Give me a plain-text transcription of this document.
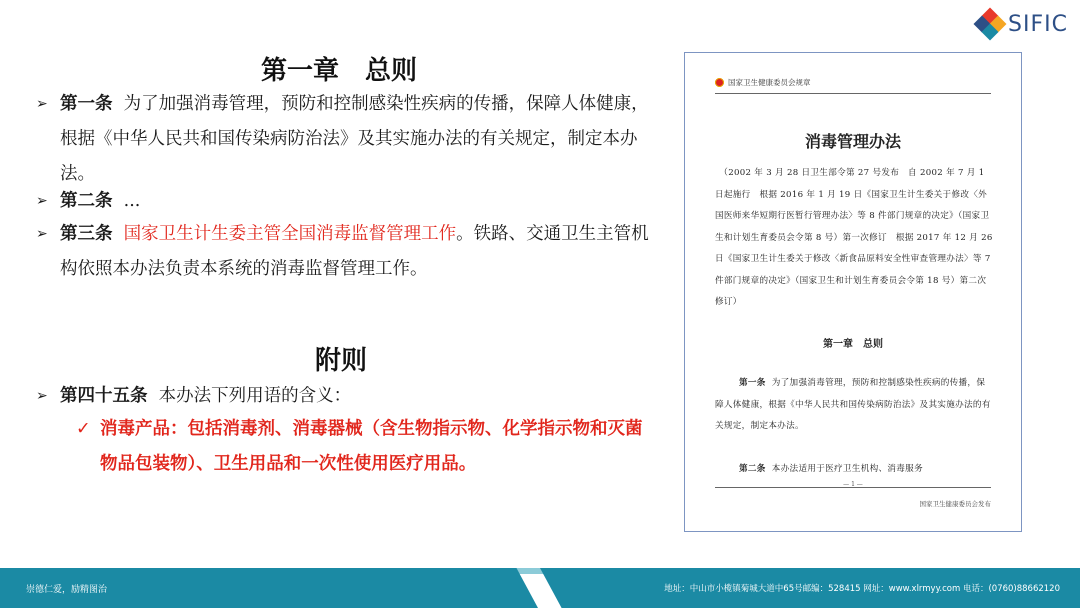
SIFIC
第一章　总则
➢ 第一条 为了加强消毒管理，预防和控制感染性疾病的传播，保障人体健康，根据《中华人民共和国传染病防治法》及其实施办法的有关规定，制定本办法。
➢ 第二条 ...
➢ 第三条 国家卫生计生委主管全国消毒监督管理工作。铁路、交通卫生主管机构依照本办法负责本系统的消毒监督管理工作。
附则
➢ 第四十五条 本办法下列用语的含义：
✓ 消毒产品：包括消毒剂、消毒器械（含生物指示物、化学指示物和灭菌物品包装物）、卫生用品和一次性使用医疗用品。
国家卫生健康委员会规章
消毒管理办法
（2002 年 3 月 28 日卫生部令第 27 号发布　自 2002 年 7 月 1 日起施行　根据 2016 年 1 月 19 日《国家卫生计生委关于修改〈外国医师来华短期行医暂行管理办法〉等 8 件部门规章的决定》（国家卫生和计划生育委员会令第 8 号）第一次修订　根据 2017 年 12 月 26 日《国家卫生计生委关于修改〈新食品原料安全性审查管理办法〉等 7 件部门规章的决定》（国家卫生和计划生育委员会令第 18 号）第二次修订）
第一章　总则
第一条 为了加强消毒管理，预防和控制感染性疾病的传播，保障人体健康，根据《中华人民共和国传染病防治法》及其实施办法的有关规定，制定本办法。
第二条 本办法适用于医疗卫生机构、消毒服务
— 1 —
国家卫生健康委员会发布
崇德仁爱，励精图治	地址：中山市小榄镇菊城大道中65号邮编：528415 网址：www.xlrmyy.com 电话：(0760)88662120
